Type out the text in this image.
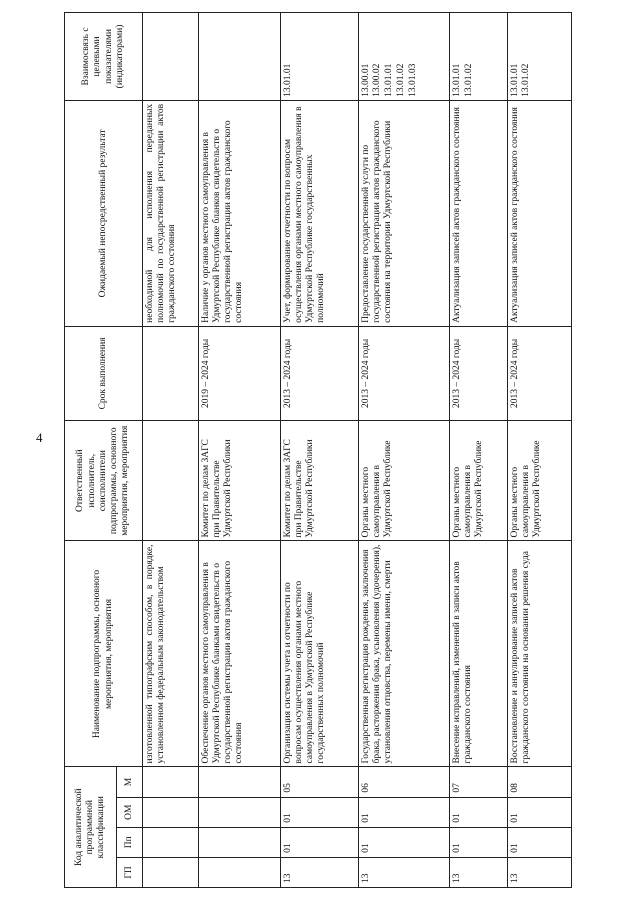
4
Код аналитической программной классификации				Наименование подпрограммы, основного мероприятия, мероприятия	Ответственный исполнитель, соисполнители подпрограммы, основного мероприятия, мероприятия	Срок выполнения	Ожидаемый непосредственный результат	Взаимосвязь с целевыми показателями (индикаторами)
ГП	Пп	ОМ	М					
				изготовленной типографским способом, в порядке, установленном федеральным законодательством			необходимой для исполнения переданных полномочий по государственной регистрации актов гражданского состояния	
				Обеспечение органов местного самоуправления в Удмуртской Республике бланками свидетельств о государственной регистрации актов гражданского состояния	Комитет по делам ЗАГС при Правительстве Удмуртской Республики	2019 – 2024 годы	Наличие у органов местного самоуправления в Удмуртской Республике бланков свидетельств о государственной регистрации актов гражданского состояния	
13	01	01	05	Организация системы учета и отчетности по вопросам осуществления органами местного самоуправления в Удмуртской Республике государственных полномочий	Комитет по делам ЗАГС при Правительстве Удмуртской Республики	2013 – 2024 годы	Учет, формирование отчетности по вопросам осуществления органами местного самоуправления в Удмуртской Республике государственных полномочий	13.01.01

13	01	01	06	Государственная регистрация рождения, заключения брака, расторжения брака, усыновления (удочерения), установления отцовства, перемены имени, смерти	Органы местного самоуправления в Удмуртской Республике	2013 – 2024 годы	Предоставление государственной услуги по государственной регистрации актов гражданского состояния на территории Удмуртской Республики	13.00.01 13.00.02 13.01.01 13.01.02 13.01.03

13	01	01	07	Внесение исправлений, изменений в записи актов гражданского состояния	Органы местного самоуправления в Удмуртской Республике	2013 – 2024 годы	Актуализация записей актов гражданского состояния	13.01.01 13.01.02

13	01	01	08	Восстановление и аннулирование записей актов гражданского состояния на основании решения суда	Органы местного самоуправления в Удмуртской Республике	2013 – 2024 годы	Актуализация записей актов гражданского состояния	13.01.01 13.01.02
